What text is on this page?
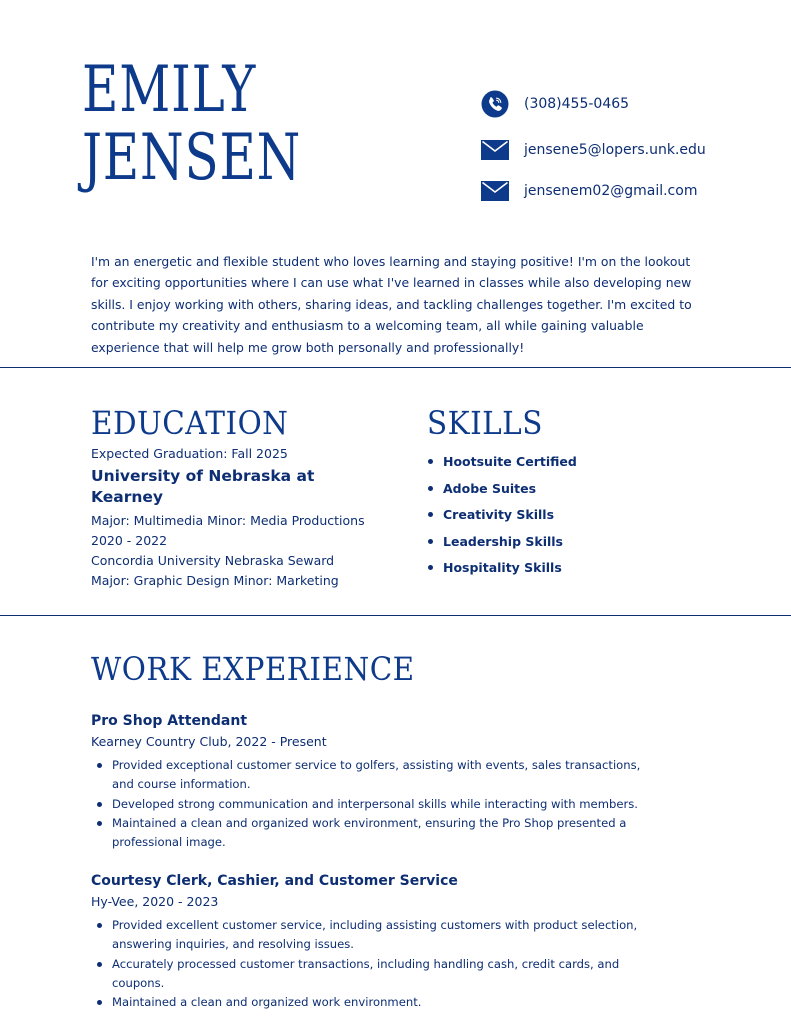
EMILY
JENSEN
(308)455-0465
jensene5@lopers.unk.edu
jensenem02@gmail.com

I'm an energetic and flexible student who loves learning and staying positive! I'm on the lookout for exciting opportunities where I can use what I've learned in classes while also developing new skills. I enjoy working with others, sharing ideas, and tackling challenges together. I'm excited to contribute my creativity and enthusiasm to a welcoming team, all while gaining valuable experience that will help me grow both personally and professionally!

EDUCATION
Expected Graduation: Fall 2025
University of Nebraska at Kearney
Major: Multimedia Minor: Media Productions
2020 - 2022
Concordia University Nebraska Seward
Major: Graphic Design Minor: Marketing
SKILLS
Hootsuite Certified
Adobe Suites
Creativity Skills
Leadership Skills
Hospitality Skills
WORK EXPERIENCE
Pro Shop Attendant
Kearney Country Club, 2022 - Present
Provided exceptional customer service to golfers, assisting with events, sales transactions, and course information.
Developed strong communication and interpersonal skills while interacting with members.
Maintained a clean and organized work environment, ensuring the Pro Shop presented a professional image.
Courtesy Clerk, Cashier, and Customer Service
Hy-Vee, 2020 - 2023
Provided excellent customer service, including assisting customers with product selection, answering inquiries, and resolving issues.
Accurately processed customer transactions, including handling cash, credit cards, and coupons.
Maintained a clean and organized work environment.
